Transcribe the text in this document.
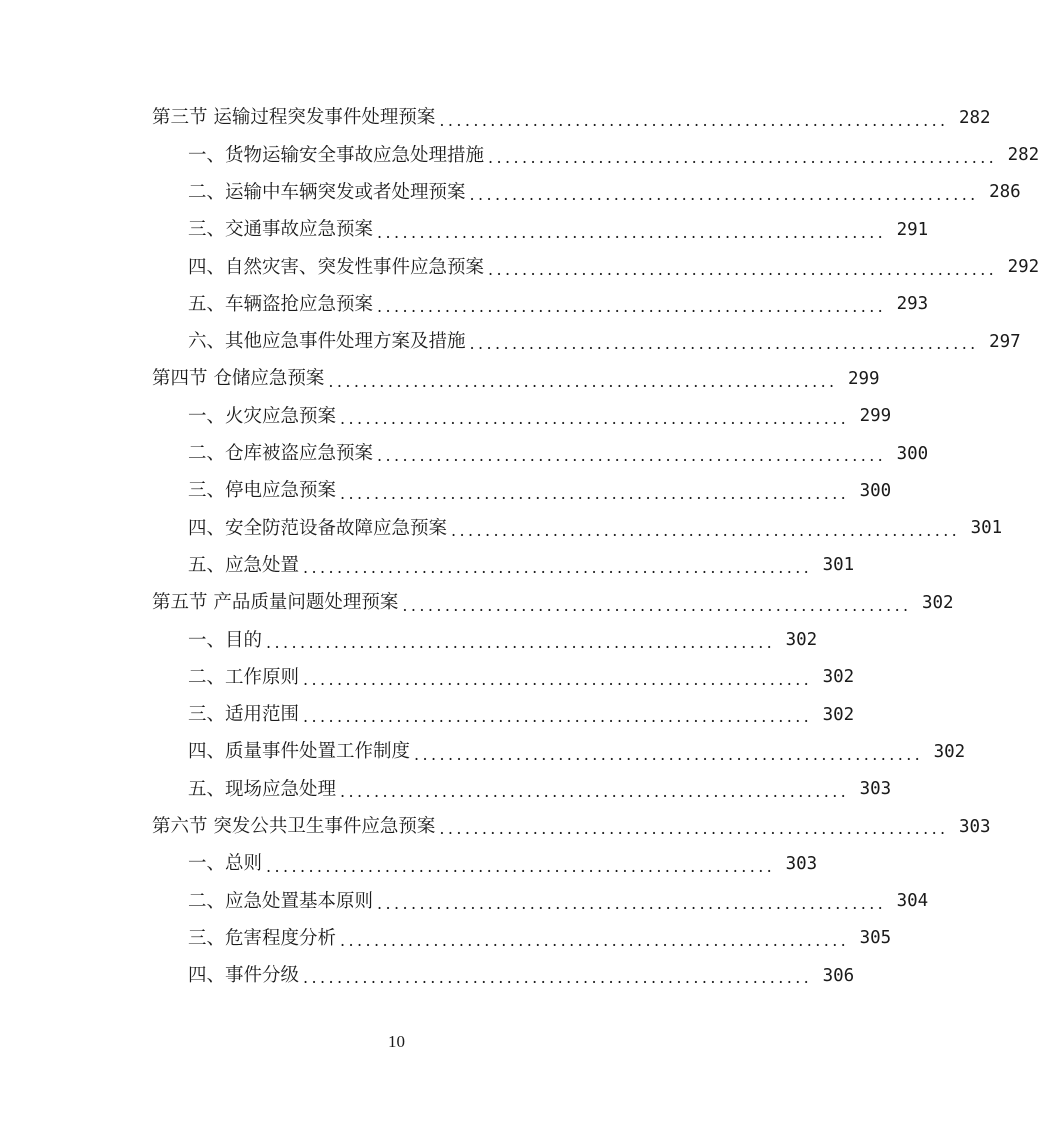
第三节 运输过程突发事件处理预案 ............................................................ 282
一、货物运输安全事故应急处理措施 ............................................................ 282
二、运输中车辆突发或者处理预案 ............................................................ 286
三、交通事故应急预案 ............................................................ 291
四、自然灾害、突发性事件应急预案 ............................................................ 292
五、车辆盗抢应急预案 ............................................................ 293
六、其他应急事件处理方案及措施 ............................................................ 297
第四节 仓储应急预案 ............................................................ 299
一、火灾应急预案 ............................................................ 299
二、仓库被盗应急预案 ............................................................ 300
三、停电应急预案 ............................................................ 300
四、安全防范设备故障应急预案 ............................................................ 301
五、应急处置 ............................................................ 301
第五节 产品质量问题处理预案 ............................................................ 302
一、目的 ............................................................ 302
二、工作原则 ............................................................ 302
三、适用范围 ............................................................ 302
四、质量事件处置工作制度 ............................................................ 302
五、现场应急处理 ............................................................ 303
第六节 突发公共卫生事件应急预案 ............................................................ 303
一、总则 ............................................................ 303
二、应急处置基本原则 ............................................................ 304
三、危害程度分析 ............................................................ 305
四、事件分级 ............................................................ 306
10
